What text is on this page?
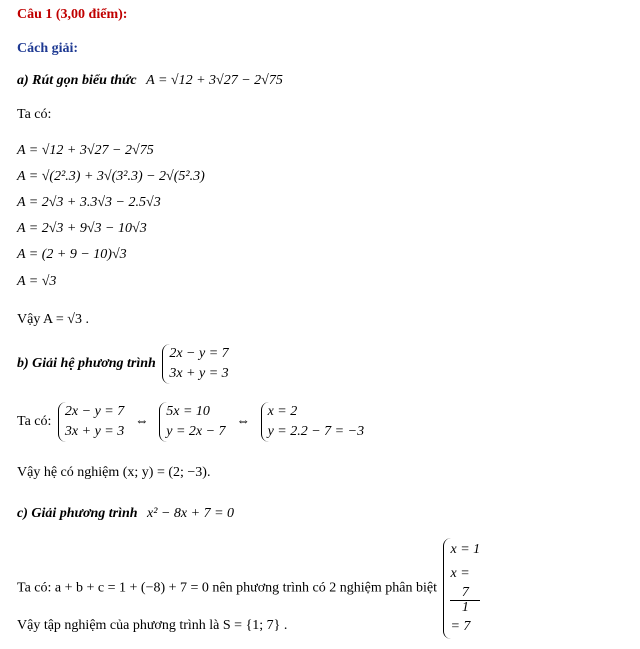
Câu 1 (3,00 điểm):
Cách giải:
a) Rút gọn biểu thức A = √12 + 3√27 − 2√75
Ta có:
A = √12 + 3√27 − 2√75
A = √(2².3) + 3√(3².3) − 2√(5².3)
A = 2√3 + 3.3√3 − 2.5√3
A = 2√3 + 9√3 − 10√3
A = (2 + 9 − 10)√3
A = √3
Vậy A = √3 .
b) Giải hệ phương trình
2x − y = 7
3x + y = 3
Ta có:
2x − y = 7
3x + y = 3
⇔
5x = 10
y = 2x − 7
⇔
x = 2
y = 2.2 − 7 = −3
Vậy hệ có nghiệm (x; y) = (2; −3).
c) Giải phương trình x² − 8x + 7 = 0
Ta có: a + b + c = 1 + (−8) + 7 = 0 nên phương trình có 2 nghiệm phân biệt
x = 1
x =
7
1
= 7
Vậy tập nghiệm của phương trình là S = {1; 7} .
